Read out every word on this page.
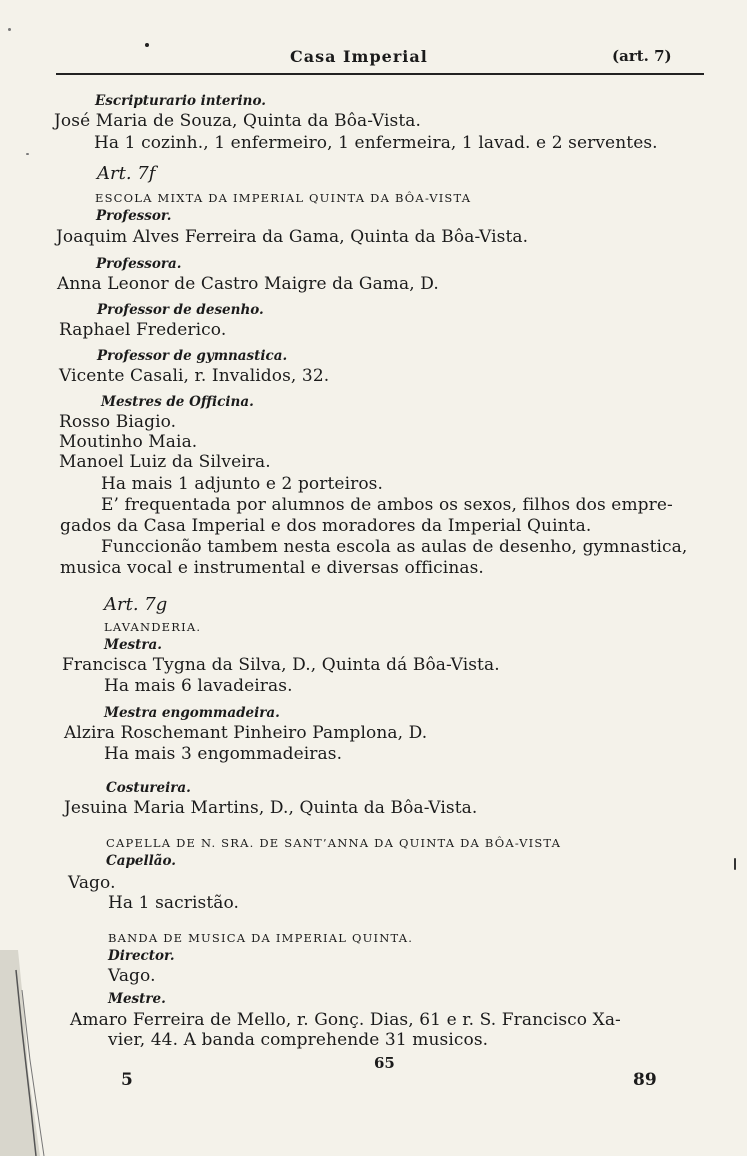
Casa Imperial	(art. 7)
Escripturario interino.
José Maria de Souza, Quinta da Bôa-Vista.
Ha 1 cozinh., 1 enfermeiro, 1 enfermeira, 1 lavad. e 2 serventes.
Art. 7f
ESCOLA MIXTA DA IMPERIAL QUINTA DA BÔA-VISTA
Professor.
Joaquim Alves Ferreira da Gama, Quinta da Bôa-Vista.
Professora.
Anna Leonor de Castro Maigre da Gama, D.
Professor de desenho.
Raphael Frederico.
Professor de gymnastica.
Vicente Casali, r. Invalidos, 32.
Mestres de Officina.
Rosso Biagio.
Moutinho Maia.
Manoel Luiz da Silveira.
Ha mais 1 adjunto e 2 porteiros.
E’ frequentada por alumnos de ambos os sexos, filhos dos empre-
gados da Casa Imperial e dos moradores da Imperial Quinta.
Funccionão tambem nesta escola as aulas de desenho, gymnastica,
musica vocal e instrumental e diversas officinas.
Art. 7g
LAVANDERIA.
Mestra.
Francisca Tygna da Silva, D., Quinta dá Bôa-Vista.
Ha mais 6 lavadeiras.
Mestra engommadeira.
Alzira Roschemant Pinheiro Pamplona, D.
Ha mais 3 engommadeiras.
Costureira.
Jesuina Maria Martins, D., Quinta da Bôa-Vista.
CAPELLA DE N. SRA. DE SANT’ANNA DA QUINTA DA BÔA-VISTA
Capellão.
Vago.
Ha 1 sacristão.
BANDA DE MUSICA DA IMPERIAL QUINTA.
Director.
Vago.
Mestre.
Amaro Ferreira de Mello, r. Gonç. Dias, 61 e r. S. Francisco Xa-
vier, 44. A banda comprehende 31 musicos.
5
65
89
